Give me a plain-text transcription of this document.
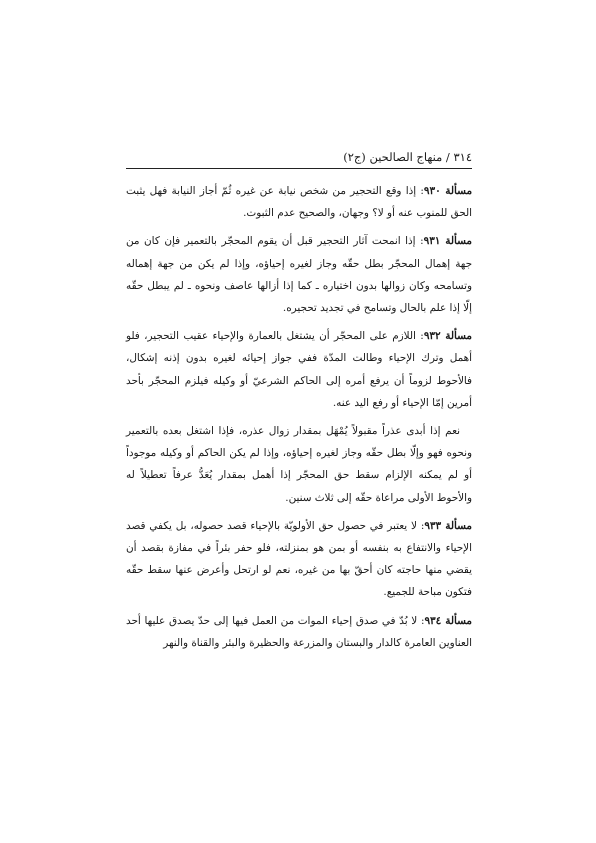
٣١٤ / منهاج الصالحين (ج٢)

مسألة ٩٣٠: إذا وقع التحجير من شخص نيابة عن غيره ثُمّ أجاز النيابة فهل يثبت الحق للمنوب عنه أو لا؟ وجهان، والصحيح عدم الثبوت.

مسألة ٩٣١: إذا انمحت آثار التحجير قبل أن يقوم المحجّر بالتعمير فإن كان من جهة إهمال المحجّر بطل حقّه وجاز لغيره إحياؤه، وإذا لم يكن من جهة إهماله وتسامحه وكان زوالها بدون اختياره ـ كما إذا أزالها عاصف ونحوه ـ لم يبطل حقّه إلّا إذا علم بالحال وتسامح في تجديد تحجيره.

مسألة ٩٣٢: اللازم على المحجّر أن يشتغل بالعمارة والإحياء عقيب التحجير، فلو أهمل وترك الإحياء وطالت المدّة ففي جواز إحيائه لغيره بدون إذنه إشكال، فالأحوط لزوماً أن يرفع أمره إلى الحاكم الشرعيّ أو وكيله فيلزم المحجّر بأحد أمرين إمّا الإحياء أو رفع اليد عنه.

نعم إذا أبدى عذراً مقبولاً يُمْهَل بمقدار زوال عذره، فإذا اشتغل بعده بالتعمير ونحوه فهو وإلّا بطل حقّه وجاز لغيره إحياؤه، وإذا لم يكن الحاكم أو وكيله موجوداً أو لم يمكنه الإلزام سقط حق المحجّر إذا أهمل بمقدار يُعَدُّ عرفاً تعطيلاً له والأحوط الأولى مراعاة حقّه إلى ثلاث سنين.

مسألة ٩٣٣: لا يعتبر في حصول حق الأولويّة بالإحياء قصد حصوله، بل يكفي قصد الإحياء والانتفاع به بنفسه أو بمن هو بمنزلته، فلو حفر بئراً في مفازة بقصد أن يقضي منها حاجته كان أحقّ بها من غيره، نعم لو ارتحل وأعرض عنها سقط حقّه فتكون مباحة للجميع.

مسألة ٩٣٤: لا بُدّ في صدق إحياء الموات من العمل فيها إلى حدّ يصدق عليها أحد العناوين العامرة كالدار والبستان والمزرعة والحظيرة والبئر والقناة والنهر
